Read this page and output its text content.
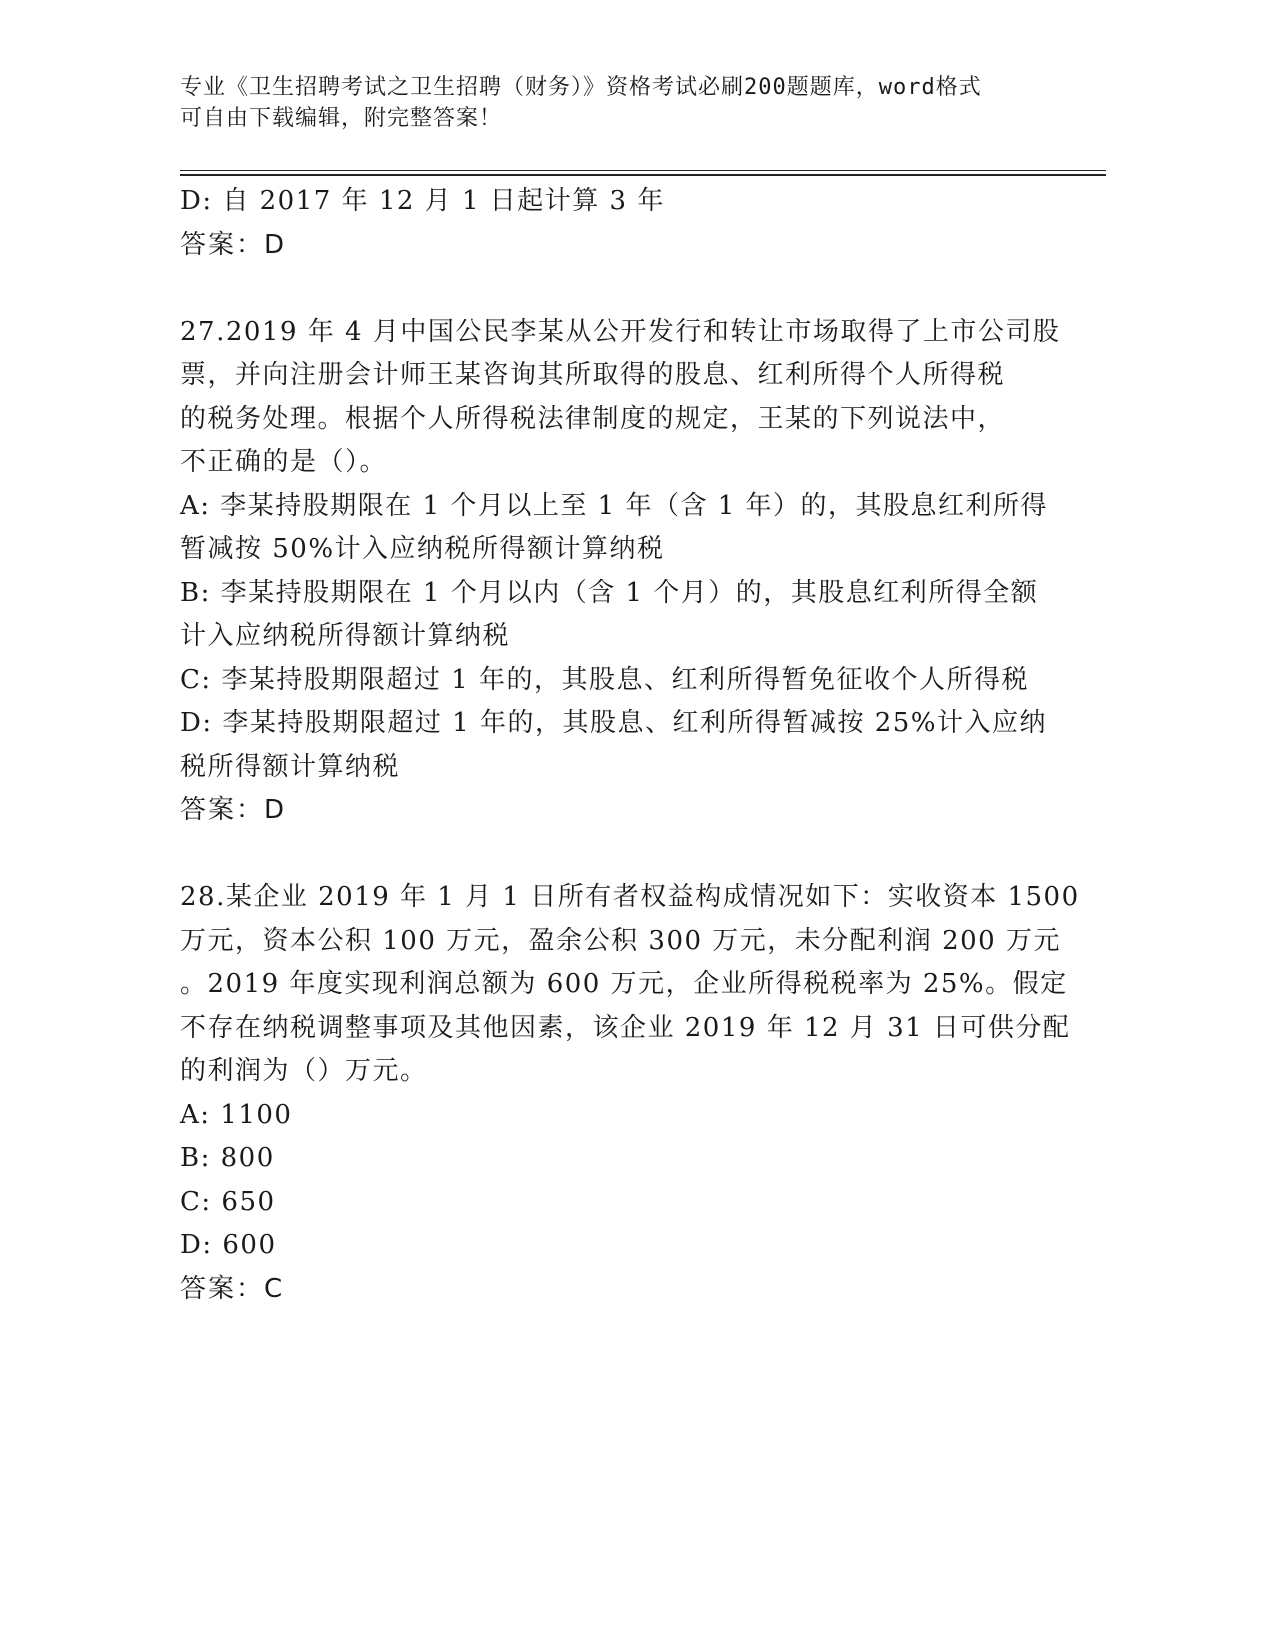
专业《卫生招聘考试之卫生招聘（财务）》资格考试必刷200题题库，word格式
可自由下载编辑，附完整答案！
D: 自 2017 年 12 月 1 日起计算 3 年
答案：D
27.2019 年 4 月中国公民李某从公开发行和转让市场取得了上市公司股
票，并向注册会计师王某咨询其所取得的股息、红利所得个人所得税
的税务处理。根据个人所得税法律制度的规定，王某的下列说法中，
不正确的是（）。
A: 李某持股期限在 1 个月以上至 1 年（含 1 年）的，其股息红利所得
暂减按 50%计入应纳税所得额计算纳税
B: 李某持股期限在 1 个月以内（含 1 个月）的，其股息红利所得全额
计入应纳税所得额计算纳税
C: 李某持股期限超过 1 年的，其股息、红利所得暂免征收个人所得税
D: 李某持股期限超过 1 年的，其股息、红利所得暂减按 25%计入应纳
税所得额计算纳税
答案：D
28.某企业 2019 年 1 月 1 日所有者权益构成情况如下：实收资本 1500
万元，资本公积 100 万元，盈余公积 300 万元，未分配利润 200 万元
。2019 年度实现利润总额为 600 万元，企业所得税税率为 25%。假定
不存在纳税调整事项及其他因素，该企业 2019 年 12 月 31 日可供分配
的利润为（）万元。
A: 1100
B: 800
C: 650
D: 600
答案：C
